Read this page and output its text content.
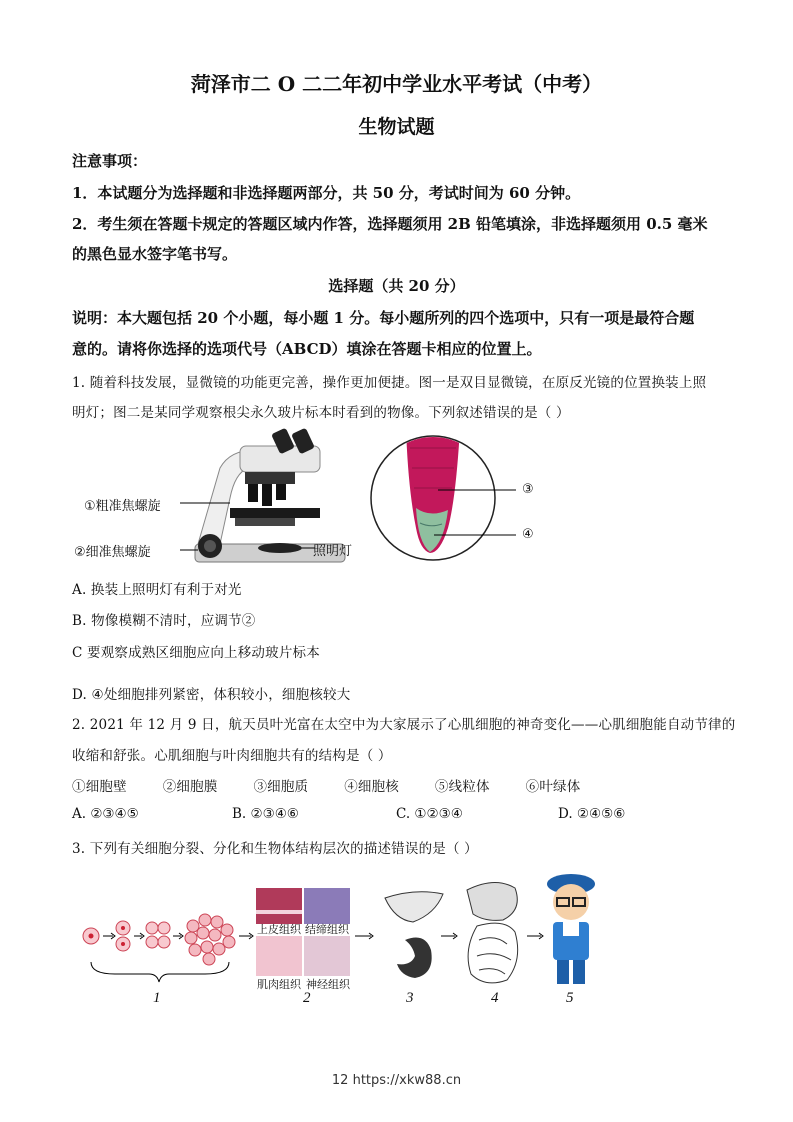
菏泽市二 O 二二年初中学业水平考试（中考）
生物试题
注意事项：
1．本试题分为选择题和非选择题两部分，共 50 分，考试时间为 60 分钟。
2．考生须在答题卡规定的答题区域内作答，选择题须用 2B 铅笔填涂，非选择题须用 0.5 毫米
的黑色显水签字笔书写。
选择题（共 20 分）
说明：本大题包括 20 个小题，每小题 1 分。每小题所列的四个选项中，只有一项是最符合题
意的。请将你选择的选项代号（ABCD）填涂在答题卡相应的位置上。
1. 随着科技发展，显微镜的功能更完善，操作更加便捷。图一是双目显微镜，在原反光镜的位置换装上照
明灯；图二是某同学观察根尖永久玻片标本时看到的物像。下列叙述错误的是（ ）
①粗准焦螺旋
②细准焦螺旋	照明灯
③
④
A. 换装上照明灯有利于对光
B. 物像模糊不清时，应调节②
C 要观察成熟区细胞应向上移动玻片标本
D. ④处细胞排列紧密，体积较小，细胞核较大
2. 2021 年 12 月 9 日，航天员叶光富在太空中为大家展示了心肌细胞的神奇变化——心肌细胞能自动节律的
收缩和舒张。心肌细胞与叶肉细胞共有的结构是（ ）
①细胞壁        ②细胞膜        ③细胞质        ④细胞核        ⑤线粒体        ⑥叶绿体
A. ②③④⑤	B. ②③④⑥	C. ①②③④	D. ②④⑤⑥
3. 下列有关细胞分裂、分化和生物体结构层次的描述错误的是（ ）
上皮组织 结缔组织
肌肉组织 神经组织
1	2	3	4	5
12 https://xkw88.cn
